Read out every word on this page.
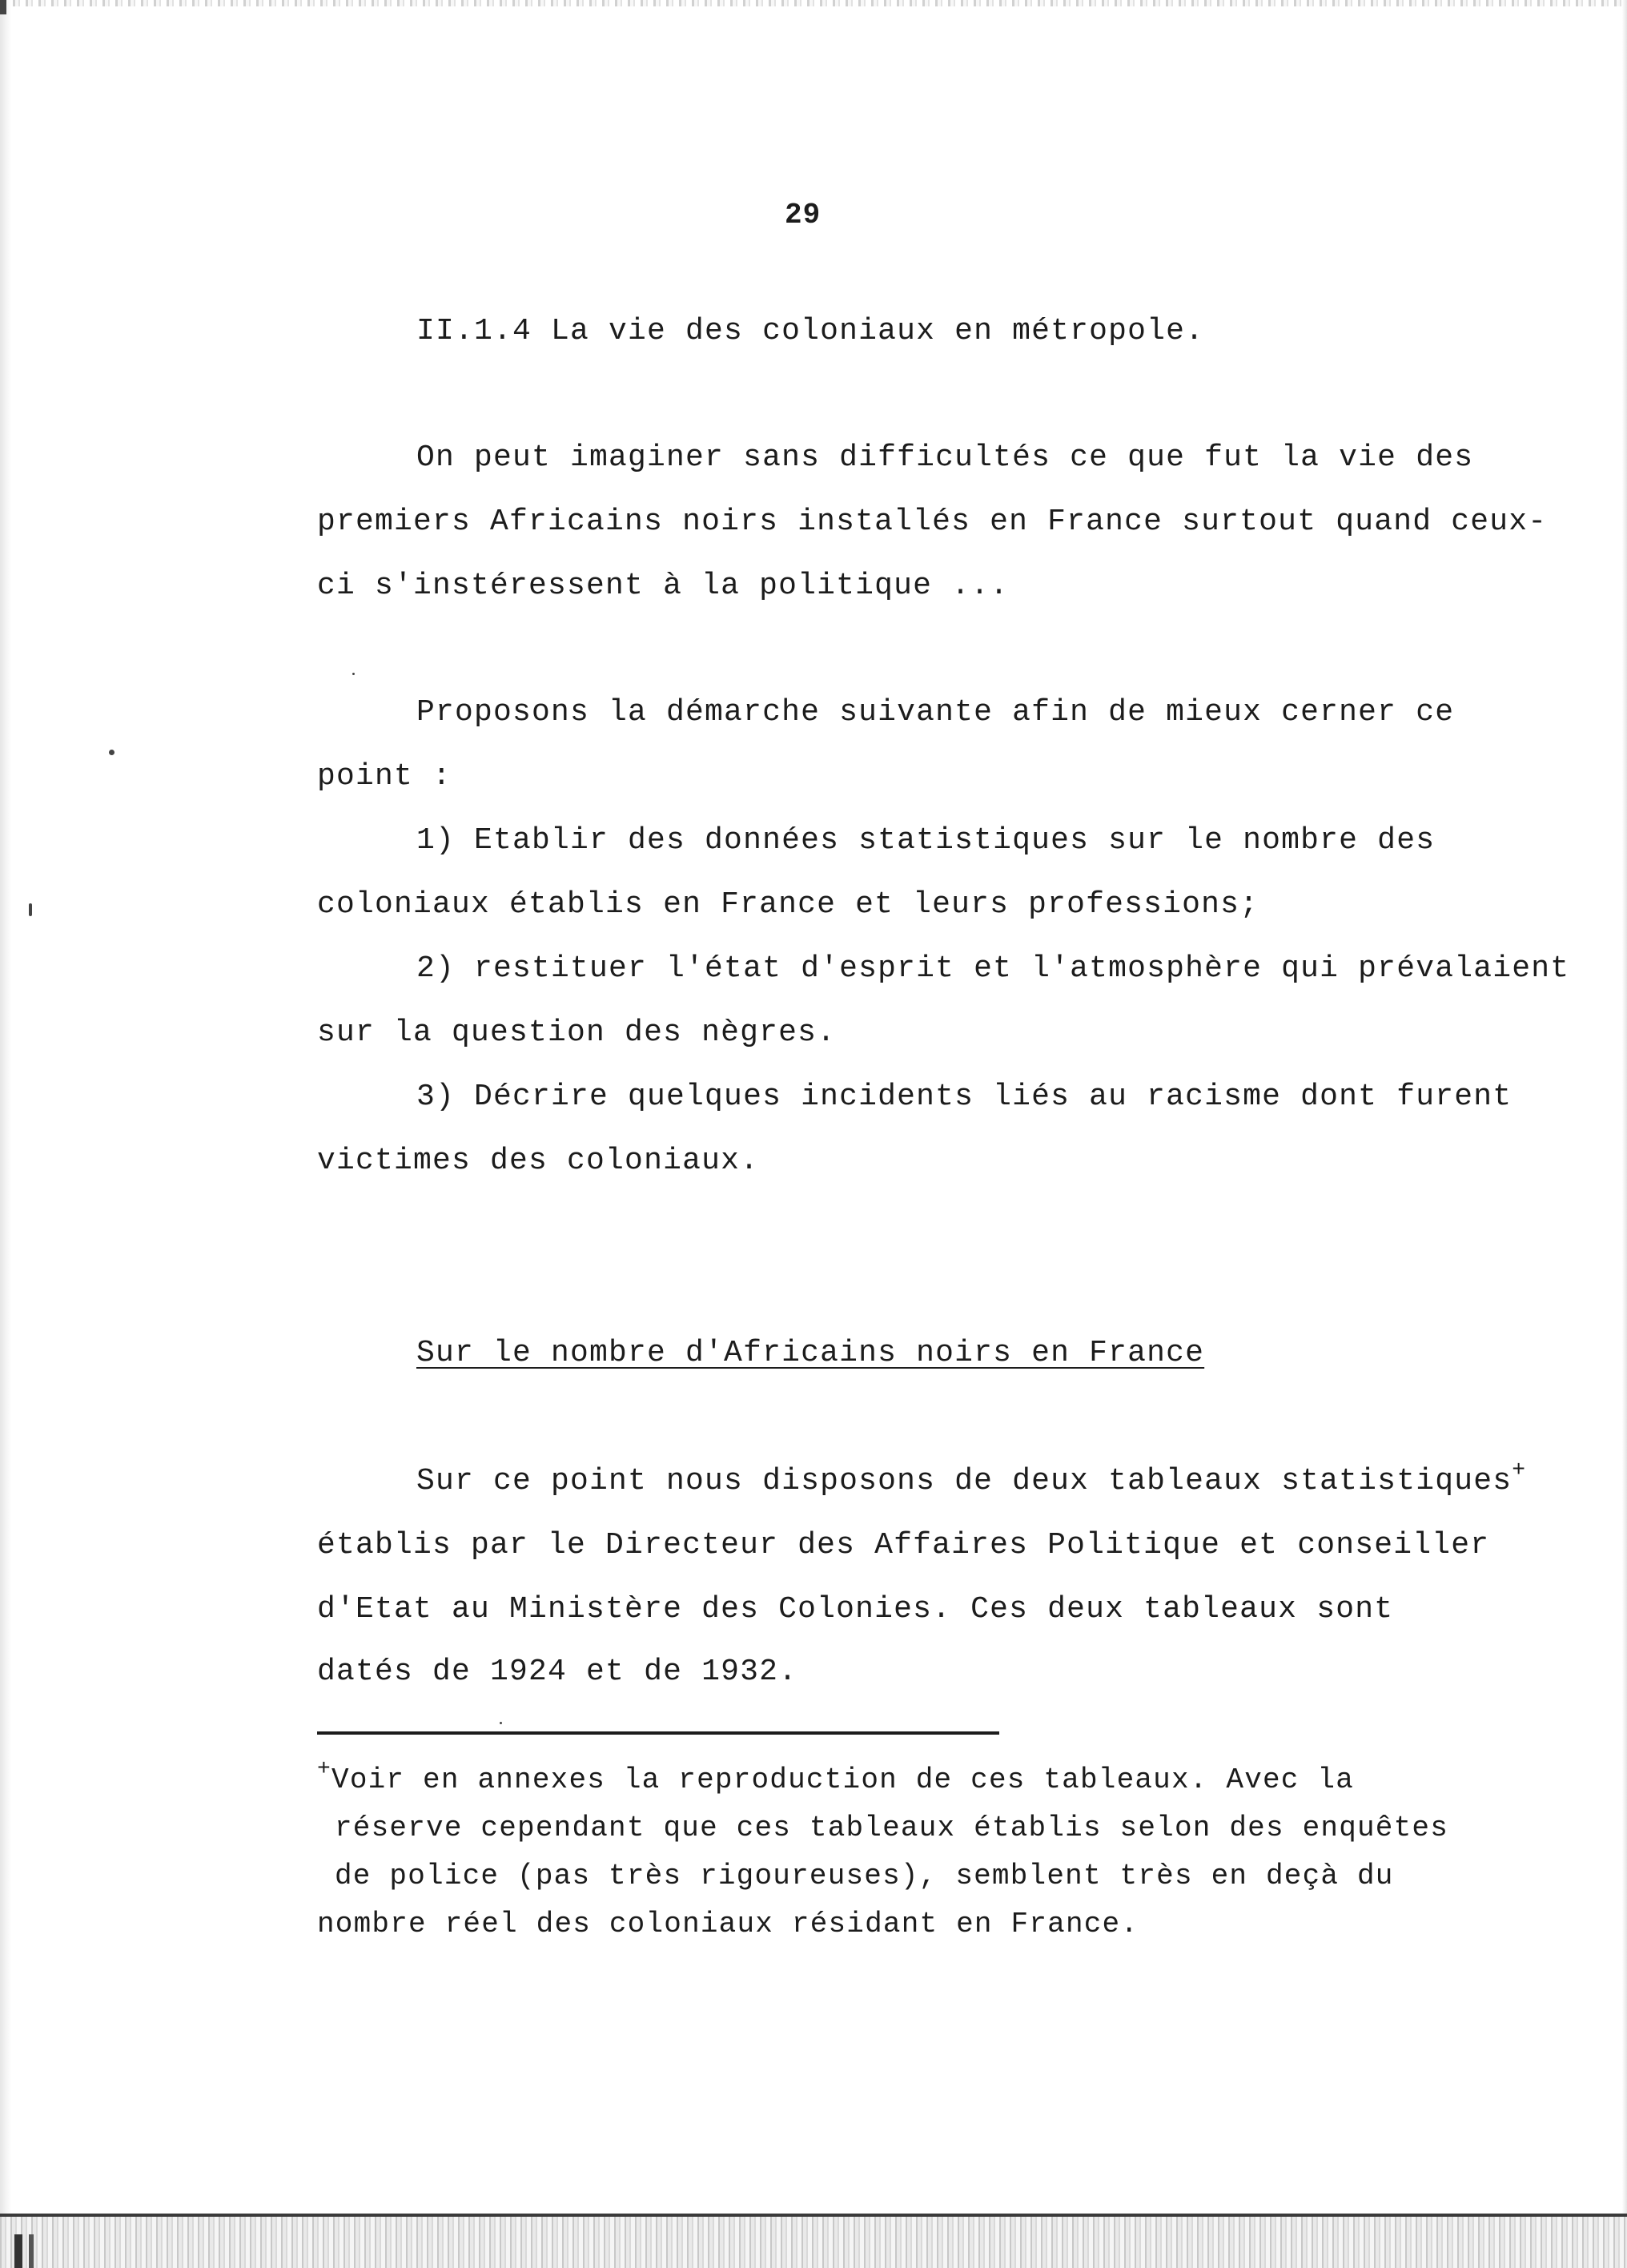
29
II.1.4 La vie des coloniaux en métropole.
On peut imaginer sans difficultés ce que fut la vie des
premiers Africains noirs installés en France surtout quand ceux-
ci s'instéressent à la politique ...
Proposons la démarche suivante afin de mieux cerner ce
point :
1) Etablir des données statistiques sur le nombre des
coloniaux établis en France et leurs professions;
2) restituer l'état d'esprit et l'atmosphère qui prévalaient
sur la question des nègres.
3) Décrire quelques incidents liés au racisme dont furent
victimes des coloniaux.
Sur le nombre d'Africains noirs en France
Sur ce point nous disposons de deux tableaux statistiques+
établis par le Directeur des Affaires Politique et conseiller
d'Etat au Ministère des Colonies. Ces deux tableaux sont
datés de 1924 et de 1932.
+Voir en annexes la reproduction de ces tableaux. Avec la
réserve cependant que ces tableaux établis selon des enquêtes
de police (pas très rigoureuses), semblent très en deçà du
nombre réel des coloniaux résidant en France.
